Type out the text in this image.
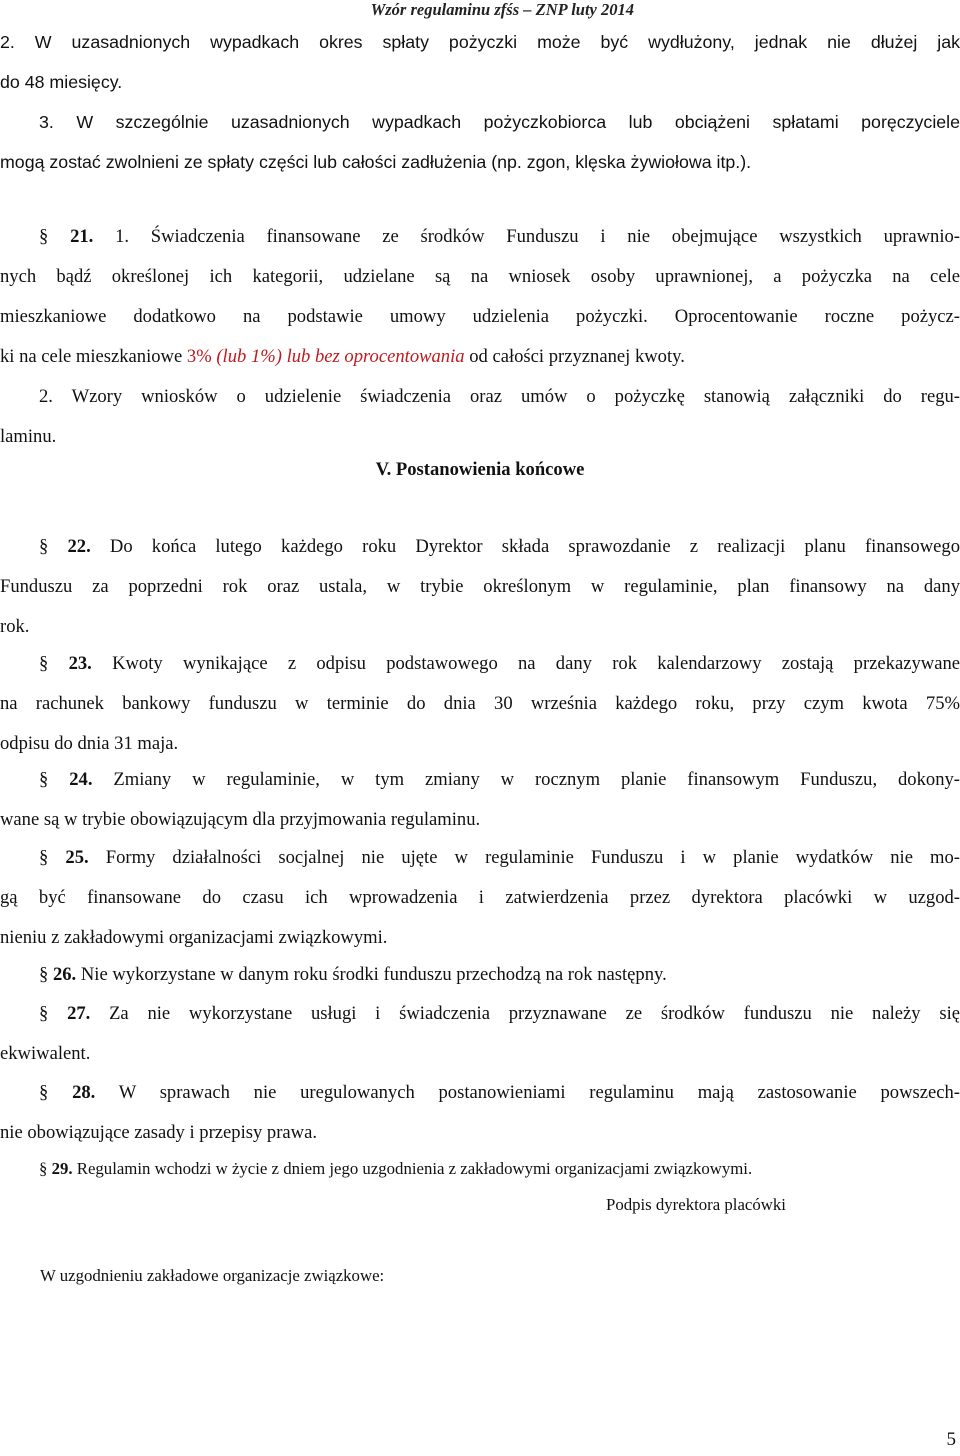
Wzór regulaminu zfśs – ZNP luty 2014
2. W uzasadnionych wypadkach okres spłaty pożyczki może być wydłużony, jednak nie dłużej jak
do 48 miesięcy.
3. W szczególnie uzasadnionych wypadkach pożyczkobiorca lub obciążeni spłatami poręczyciele
mogą zostać zwolnieni ze spłaty części lub całości zadłużenia (np. zgon, klęska żywiołowa itp.).
§ 21. 1. Świadczenia finansowane ze środków Funduszu i nie obejmujące wszystkich uprawnio-
nych bądź określonej ich kategorii, udzielane są na wniosek osoby uprawnionej, a pożyczka na cele
mieszkaniowe dodatkowo na podstawie umowy udzielenia pożyczki. Oprocentowanie roczne pożycz-
ki na cele mieszkaniowe 3% (lub 1%) lub bez oprocentowania od całości przyznanej kwoty.
2. Wzory wniosków o udzielenie świadczenia oraz umów o pożyczkę stanowią załączniki do regu-
laminu.
V. Postanowienia końcowe
§ 22. Do końca lutego każdego roku Dyrektor składa sprawozdanie z realizacji planu finansowego
Funduszu za poprzedni rok oraz ustala, w trybie określonym w regulaminie, plan finansowy na dany
rok.
§ 23. Kwoty wynikające z odpisu podstawowego na dany rok kalendarzowy zostają przekazywane
na rachunek bankowy funduszu w terminie do dnia 30 września każdego roku, przy czym kwota 75%
odpisu do dnia 31 maja.
§ 24. Zmiany w regulaminie, w tym zmiany w rocznym planie finansowym Funduszu, dokony-
wane są w trybie obowiązującym dla przyjmowania regulaminu.
§ 25. Formy działalności socjalnej nie ujęte w regulaminie Funduszu i w planie wydatków nie mo-
gą być finansowane do czasu ich wprowadzenia i zatwierdzenia przez dyrektora placówki w uzgod-
nieniu z zakładowymi organizacjami związkowymi.
§ 26. Nie wykorzystane w danym roku środki funduszu przechodzą na rok następny.
§ 27. Za nie wykorzystane usługi i świadczenia przyznawane ze środków funduszu nie należy się
ekwiwalent.
§ 28. W sprawach nie uregulowanych postanowieniami regulaminu mają zastosowanie powszech-
nie obowiązujące zasady i przepisy prawa.
§ 29. Regulamin wchodzi w życie z dniem jego uzgodnienia z zakładowymi organizacjami związkowymi.
Podpis dyrektora placówki
W uzgodnieniu zakładowe organizacje związkowe:
5
